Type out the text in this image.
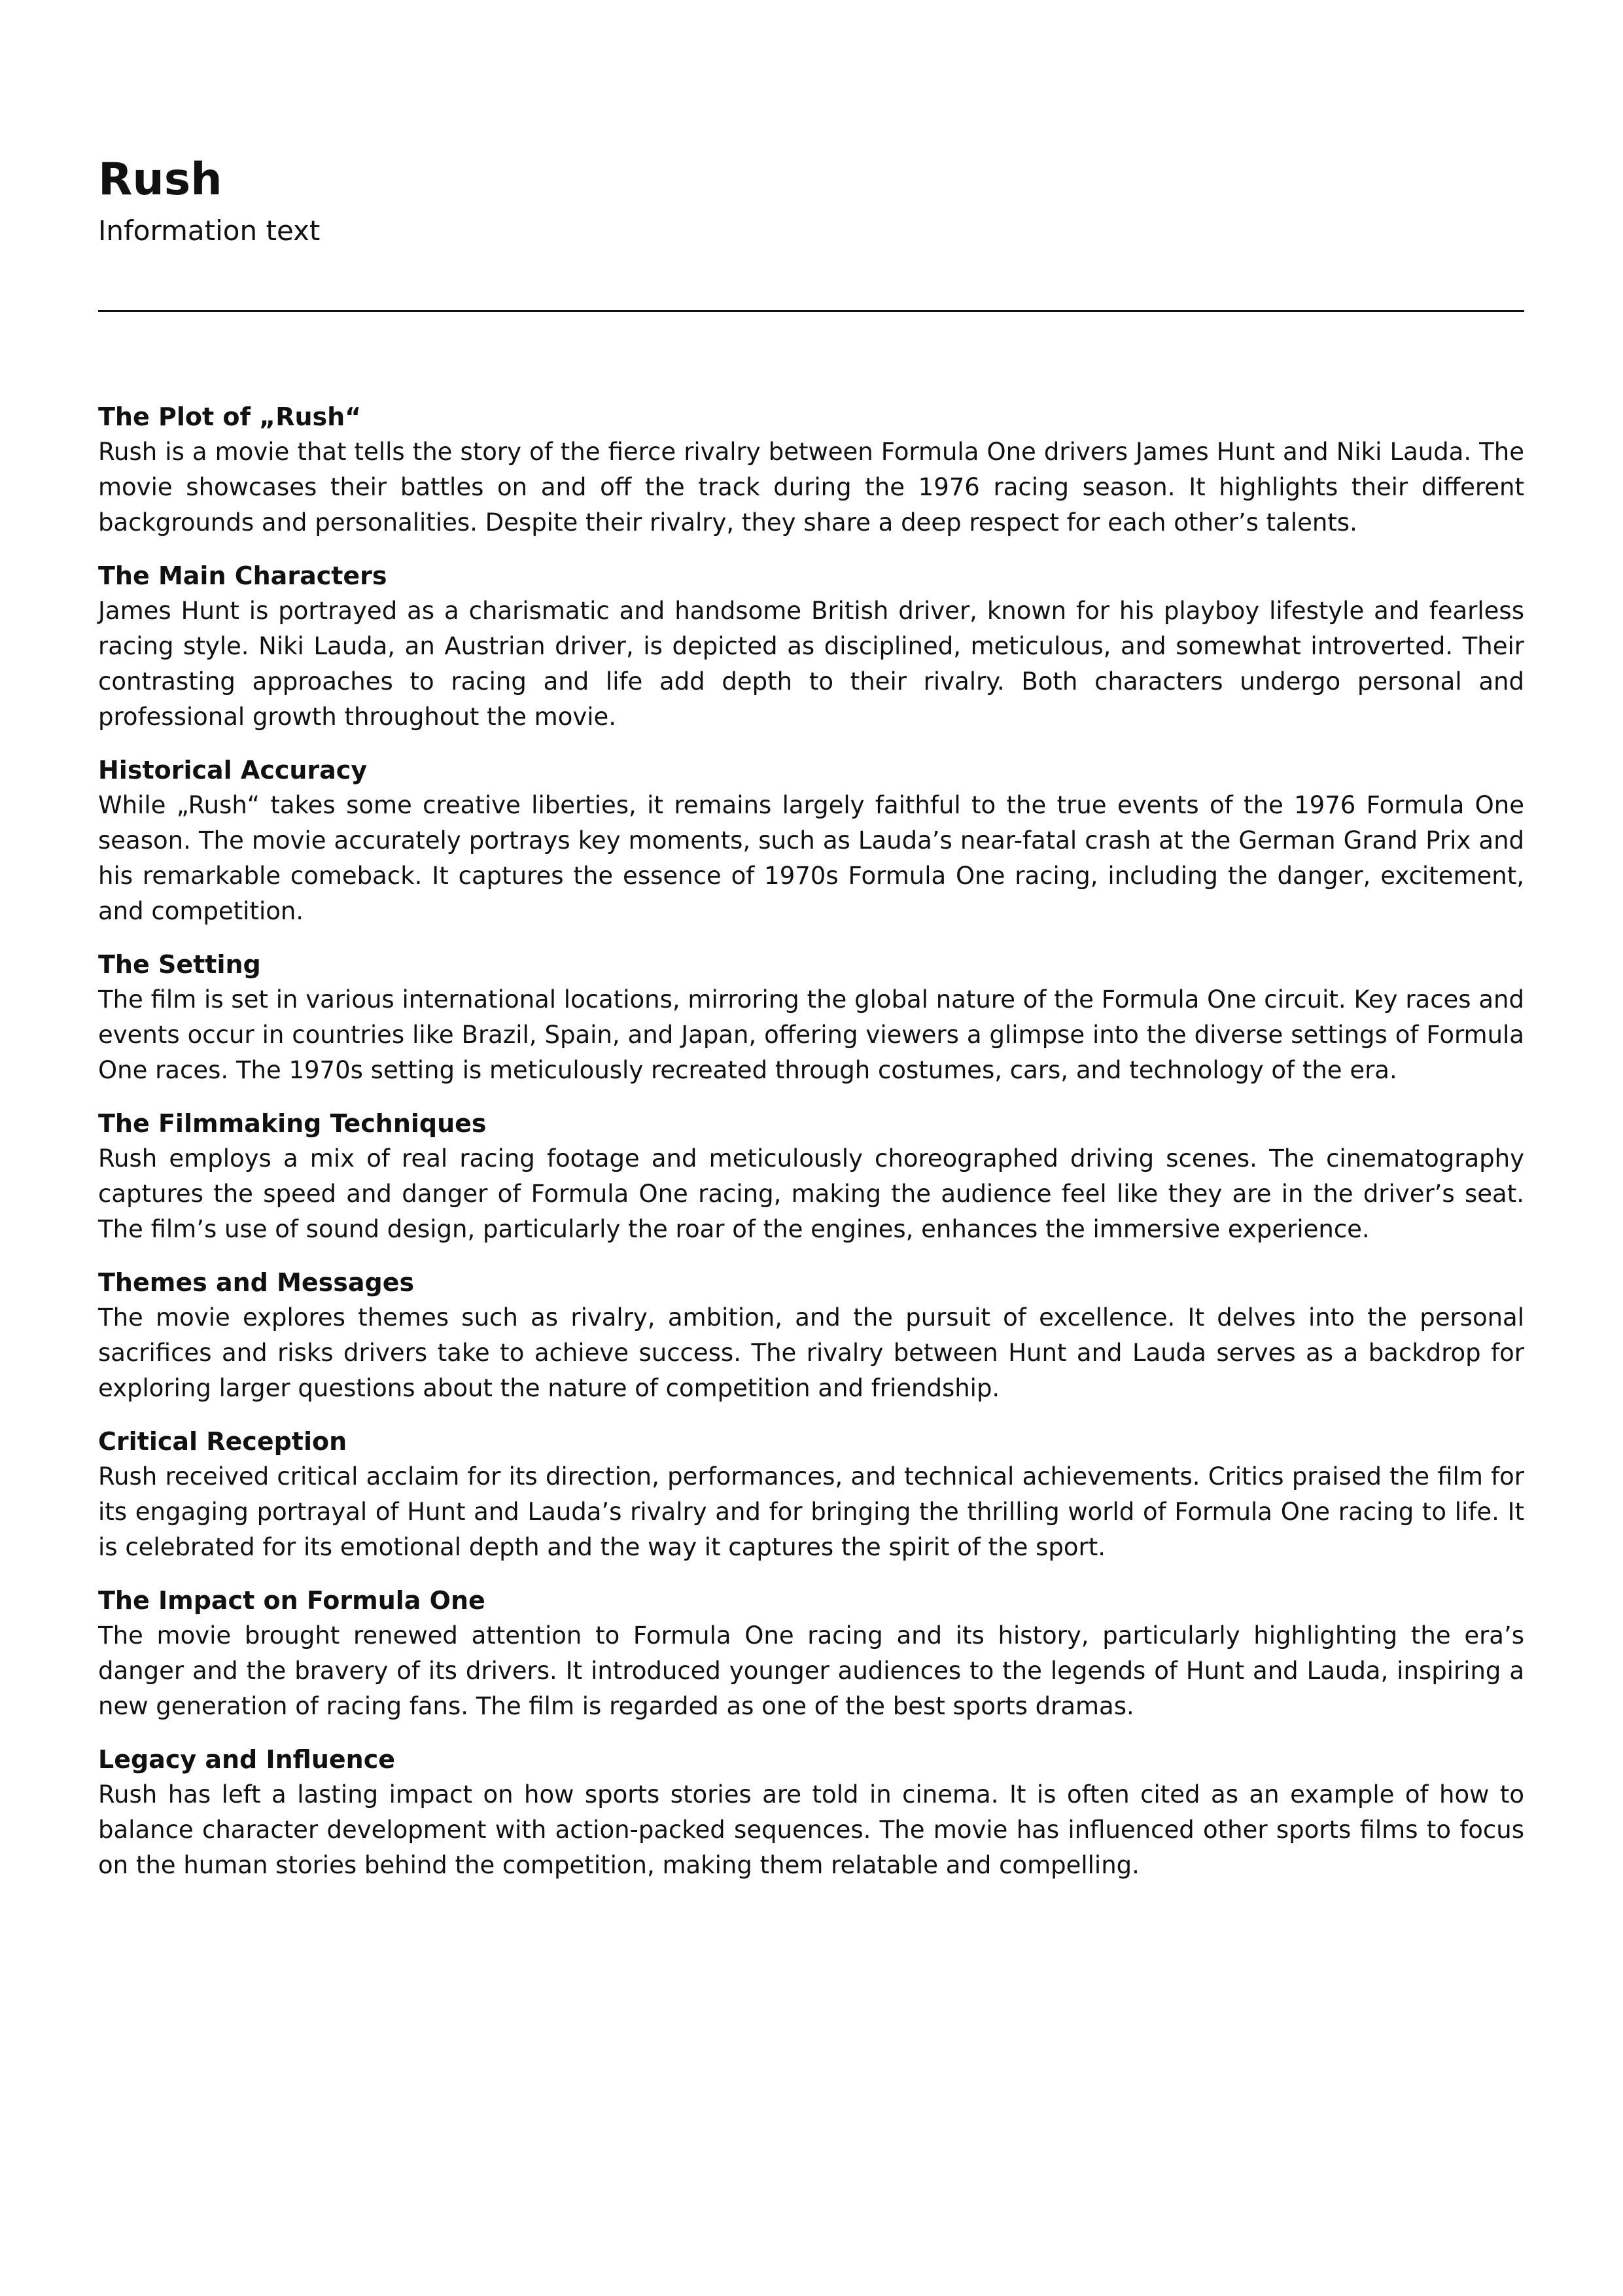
Rush

Information text

The Plot of „Rush“

Rush is a movie that tells the story of the fierce rivalry between Formula One drivers James Hunt and Niki Lauda. The movie showcases their battles on and off the track during the 1976 racing season. It highlights their different backgrounds and personalities. Despite their rivalry, they share a deep respect for each other’s talents.

The Main Characters

James Hunt is portrayed as a charismatic and handsome British driver, known for his playboy lifestyle and fearless racing style. Niki Lauda, an Austrian driver, is depicted as disciplined, meticulous, and somewhat introverted. Their contrasting approaches to racing and life add depth to their rivalry. Both characters undergo personal and professional growth throughout the movie.

Historical Accuracy

While „Rush“ takes some creative liberties, it remains largely faithful to the true events of the 1976 Formula One season. The movie accurately portrays key moments, such as Lauda’s near-fatal crash at the German Grand Prix and his remarkable comeback. It captures the essence of 1970s Formula One racing, including the danger, excitement, and competition.

The Setting

The film is set in various international locations, mirroring the global nature of the Formula One circuit. Key races and events occur in countries like Brazil, Spain, and Japan, offering viewers a glimpse into the diverse settings of Formula One races. The 1970s setting is meticulously recreated through costumes, cars, and technology of the era.

The Filmmaking Techniques

Rush employs a mix of real racing footage and meticulously choreographed driving scenes. The cinematography captures the speed and danger of Formula One racing, making the audience feel like they are in the driver’s seat. The film’s use of sound design, particularly the roar of the engines, enhances the immersive experience.

Themes and Messages

The movie explores themes such as rivalry, ambition, and the pursuit of excellence. It delves into the personal sacrifices and risks drivers take to achieve success. The rivalry between Hunt and Lauda serves as a backdrop for exploring larger questions about the nature of competition and friendship.

Critical Reception

Rush received critical acclaim for its direction, performances, and technical achievements. Critics praised the film for its engaging portrayal of Hunt and Lauda’s rivalry and for bringing the thrilling world of Formula One racing to life. It is celebrated for its emotional depth and the way it captures the spirit of the sport.

The Impact on Formula One

The movie brought renewed attention to Formula One racing and its history, particularly highlighting the era’s danger and the bravery of its drivers. It introduced younger audiences to the legends of Hunt and Lauda, inspiring a new generation of racing fans. The film is regarded as one of the best sports dramas.

Legacy and Influence

Rush has left a lasting impact on how sports stories are told in cinema. It is often cited as an example of how to balance character development with action-packed sequences. The movie has influenced other sports films to focus on the human stories behind the competition, making them relatable and compelling.
